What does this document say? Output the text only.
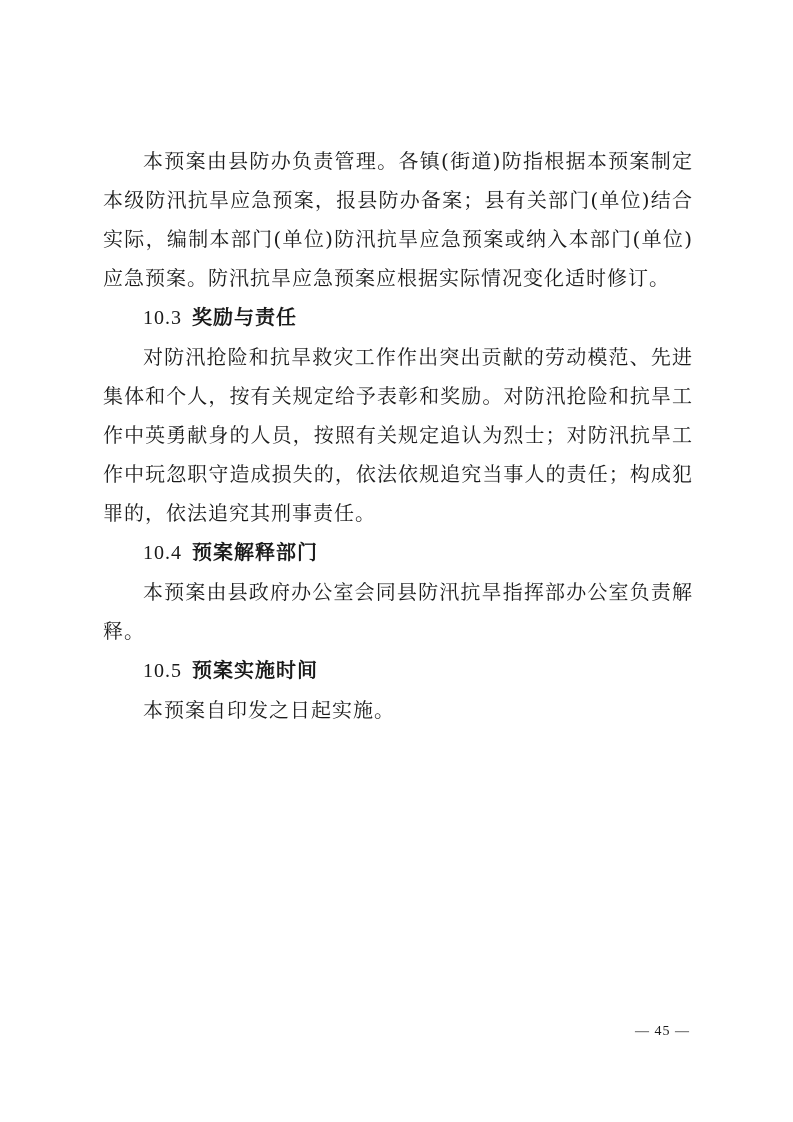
本预案由县防办负责管理。各镇(街道)防指根据本预案制定本级防汛抗旱应急预案，报县防办备案；县有关部门(单位)结合实际，编制本部门(单位)防汛抗旱应急预案或纳入本部门(单位)应急预案。防汛抗旱应急预案应根据实际情况变化适时修订。

10.3 奖励与责任

对防汛抢险和抗旱救灾工作作出突出贡献的劳动模范、先进集体和个人，按有关规定给予表彰和奖励。对防汛抢险和抗旱工作中英勇献身的人员，按照有关规定追认为烈士；对防汛抗旱工作中玩忽职守造成损失的，依法依规追究当事人的责任；构成犯罪的，依法追究其刑事责任。

10.4 预案解释部门

本预案由县政府办公室会同县防汛抗旱指挥部办公室负责解释。

10.5 预案实施时间

本预案自印发之日起实施。

— 45 —
